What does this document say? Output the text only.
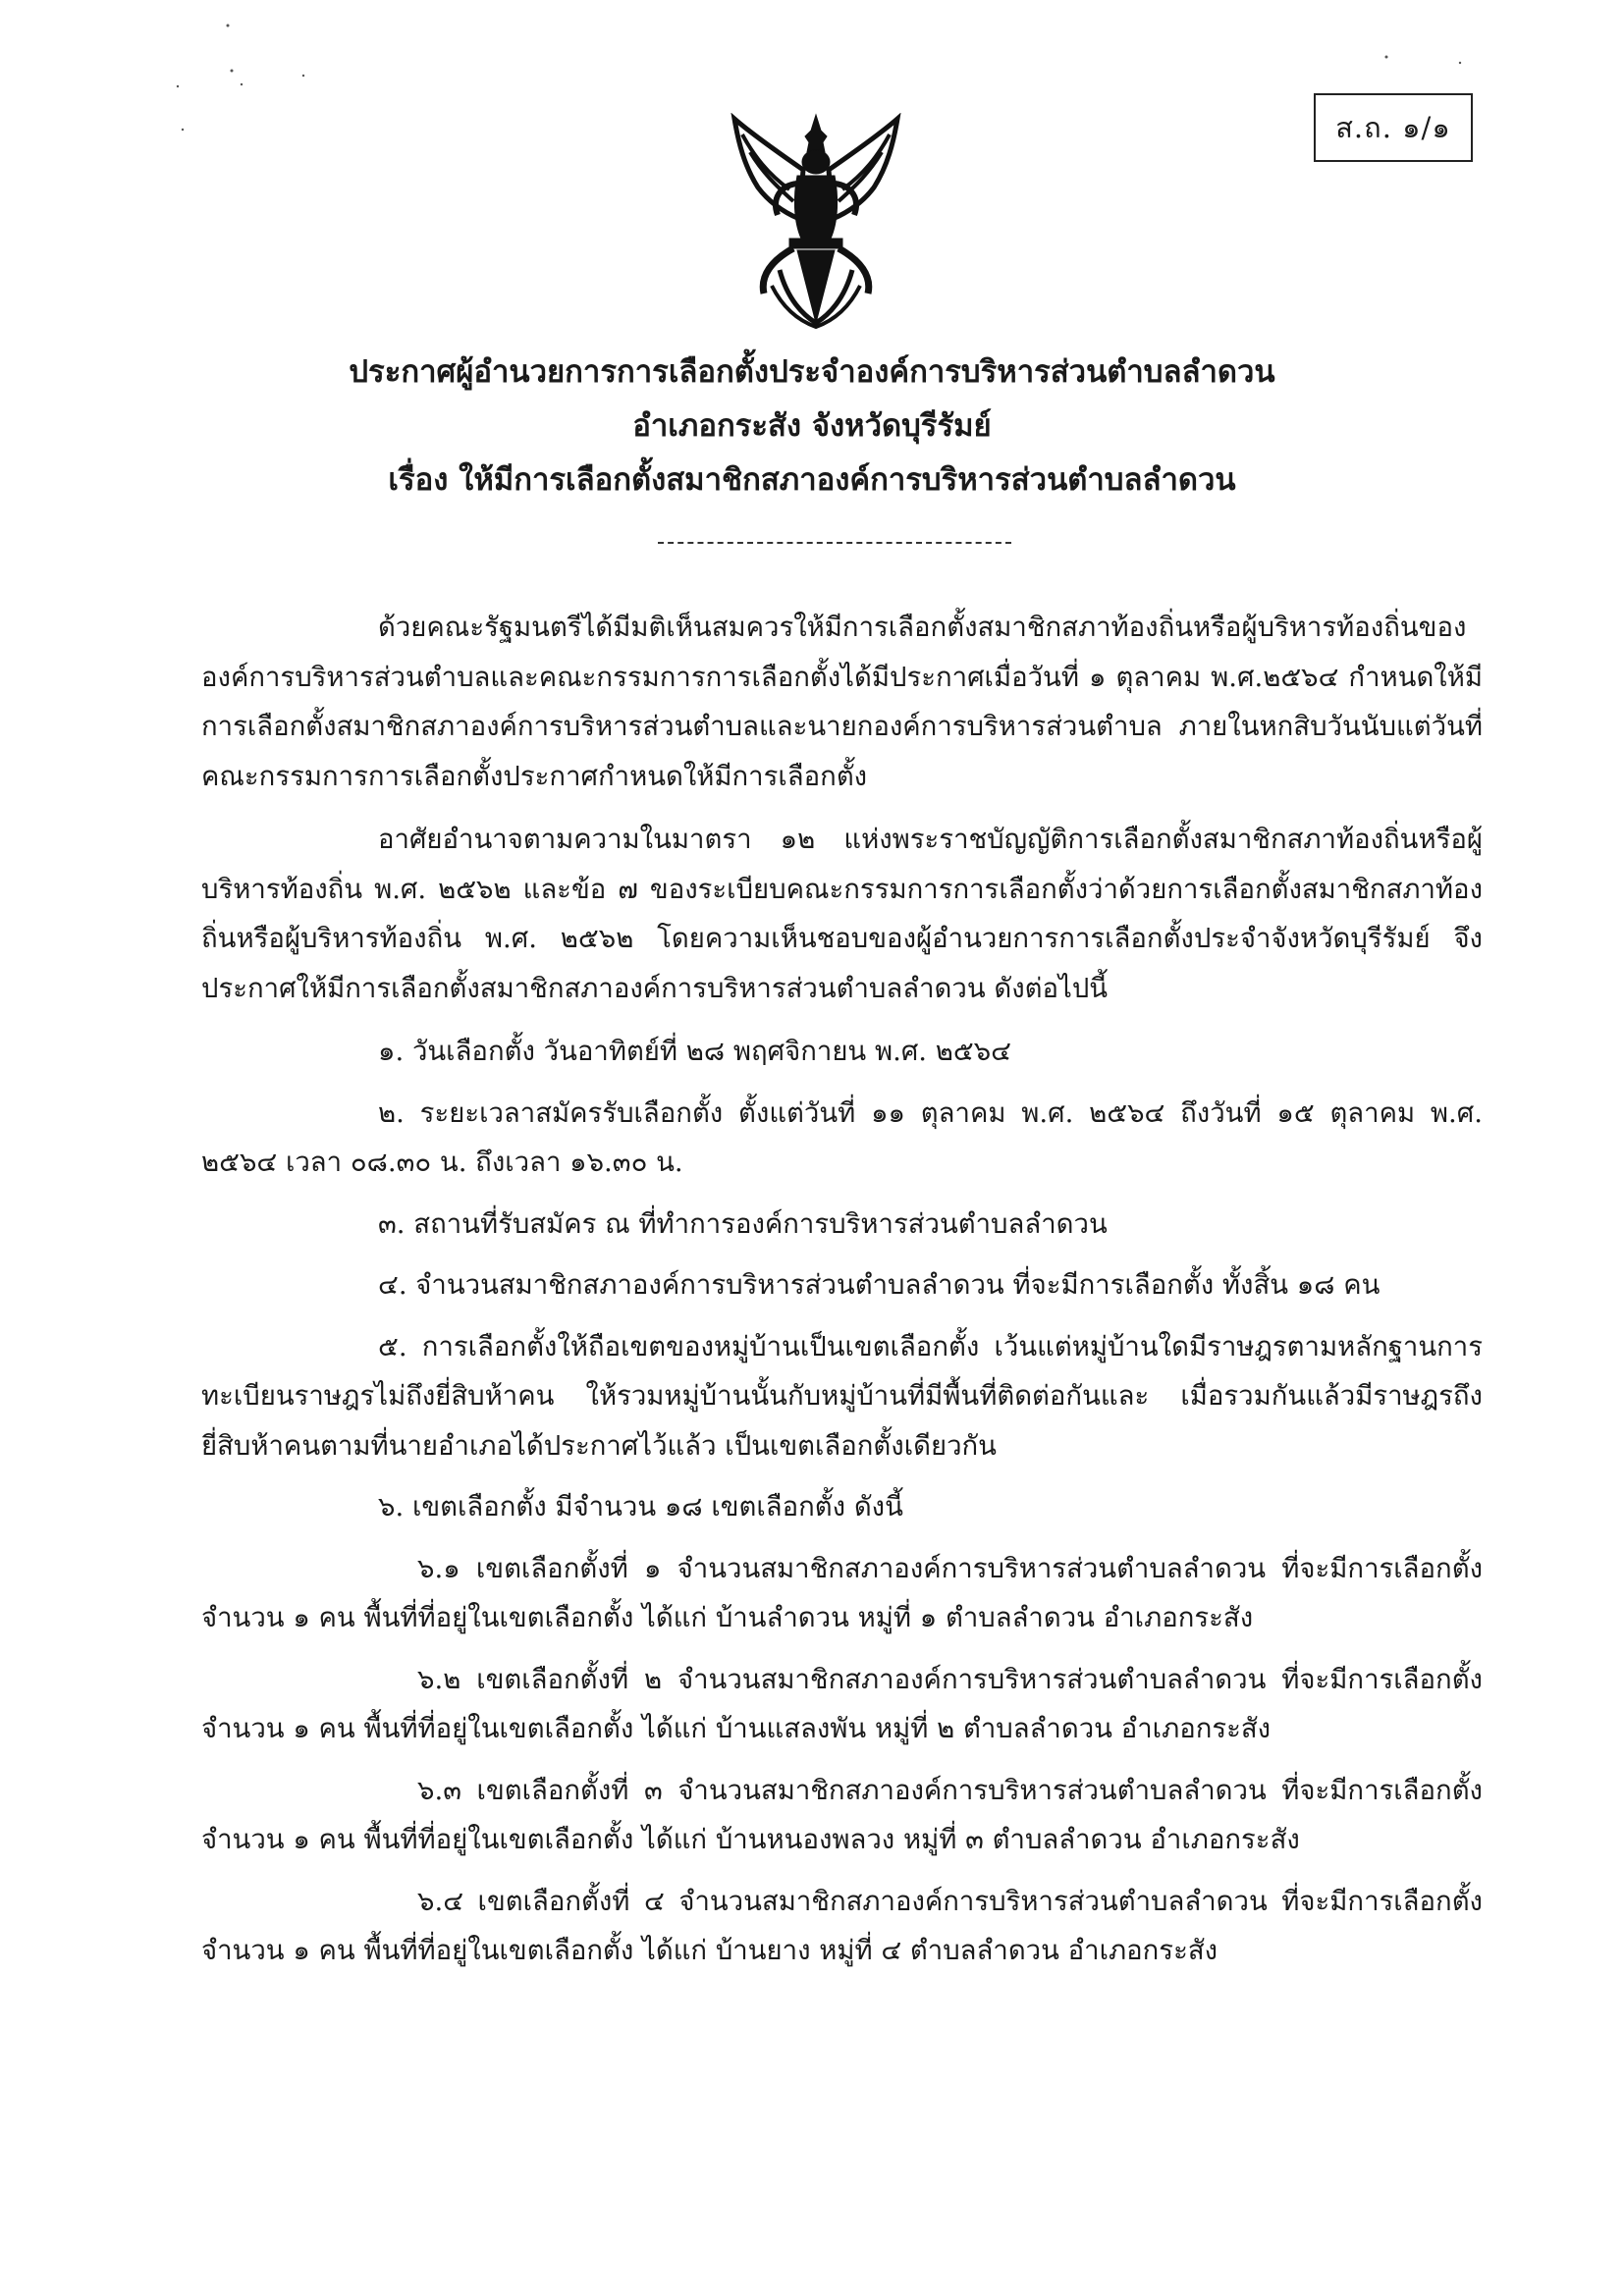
ส.ถ. ๑/๑
ประกาศผู้อำนวยการการเลือกตั้งประจำองค์การบริหารส่วนตำบลลำดวน
อำเภอกระสัง จังหวัดบุรีรัมย์
เรื่อง ให้มีการเลือกตั้งสมาชิกสภาองค์การบริหารส่วนตำบลลำดวน

ด้วยคณะรัฐมนตรีได้มีมติเห็นสมควรให้มีการเลือกตั้งสมาชิกสภาท้องถิ่นหรือผู้บริหารท้องถิ่นขององค์การบริหารส่วนตำบลและคณะกรรมการการเลือกตั้งได้มีประกาศเมื่อวันที่ ๑ ตุลาคม พ.ศ.๒๕๖๔ กำหนดให้มีการเลือกตั้งสมาชิกสภาองค์การบริหารส่วนตำบลและนายกองค์การบริหารส่วนตำบล ภายในหกสิบวันนับแต่วันที่คณะกรรมการการเลือกตั้งประกาศกำหนดให้มีการเลือกตั้ง

อาศัยอำนาจตามความในมาตรา ๑๒ แห่งพระราชบัญญัติการเลือกตั้งสมาชิกสภาท้องถิ่นหรือผู้บริหารท้องถิ่น พ.ศ. ๒๕๖๒ และข้อ ๗ ของระเบียบคณะกรรมการการเลือกตั้งว่าด้วยการเลือกตั้งสมาชิกสภาท้องถิ่นหรือผู้บริหารท้องถิ่น พ.ศ. ๒๕๖๒ โดยความเห็นชอบของผู้อำนวยการการเลือกตั้งประจำจังหวัดบุรีรัมย์ จึงประกาศให้มีการเลือกตั้งสมาชิกสภาองค์การบริหารส่วนตำบลลำดวน ดังต่อไปนี้

๑. วันเลือกตั้ง วันอาทิตย์ที่ ๒๘ พฤศจิกายน พ.ศ. ๒๕๖๔

๒. ระยะเวลาสมัครรับเลือกตั้ง ตั้งแต่วันที่ ๑๑ ตุลาคม พ.ศ. ๒๕๖๔ ถึงวันที่ ๑๕ ตุลาคม พ.ศ. ๒๕๖๔ เวลา ๐๘.๓๐ น. ถึงเวลา ๑๖.๓๐ น.

๓. สถานที่รับสมัคร ณ ที่ทำการองค์การบริหารส่วนตำบลลำดวน

๔. จำนวนสมาชิกสภาองค์การบริหารส่วนตำบลลำดวน ที่จะมีการเลือกตั้ง ทั้งสิ้น ๑๘ คน

๕. การเลือกตั้งให้ถือเขตของหมู่บ้านเป็นเขตเลือกตั้ง เว้นแต่หมู่บ้านใดมีราษฎรตามหลักฐานการทะเบียนราษฎรไม่ถึงยี่สิบห้าคน ให้รวมหมู่บ้านนั้นกับหมู่บ้านที่มีพื้นที่ติดต่อกันและ เมื่อรวมกันแล้วมีราษฎรถึงยี่สิบห้าคนตามที่นายอำเภอได้ประกาศไว้แล้ว เป็นเขตเลือกตั้งเดียวกัน

๖. เขตเลือกตั้ง มีจำนวน ๑๘ เขตเลือกตั้ง ดังนี้

๖.๑ เขตเลือกตั้งที่ ๑ จำนวนสมาชิกสภาองค์การบริหารส่วนตำบลลำดวน ที่จะมีการเลือกตั้ง จำนวน ๑ คน พื้นที่ที่อยู่ในเขตเลือกตั้ง ได้แก่ บ้านลำดวน หมู่ที่ ๑ ตำบลลำดวน อำเภอกระสัง

๖.๒ เขตเลือกตั้งที่ ๒ จำนวนสมาชิกสภาองค์การบริหารส่วนตำบลลำดวน ที่จะมีการเลือกตั้ง จำนวน ๑ คน พื้นที่ที่อยู่ในเขตเลือกตั้ง ได้แก่ บ้านแสลงพัน หมู่ที่ ๒ ตำบลลำดวน อำเภอกระสัง

๖.๓ เขตเลือกตั้งที่ ๓ จำนวนสมาชิกสภาองค์การบริหารส่วนตำบลลำดวน ที่จะมีการเลือกตั้ง จำนวน ๑ คน พื้นที่ที่อยู่ในเขตเลือกตั้ง ได้แก่ บ้านหนองพลวง หมู่ที่ ๓ ตำบลลำดวน อำเภอกระสัง

๖.๔ เขตเลือกตั้งที่ ๔ จำนวนสมาชิกสภาองค์การบริหารส่วนตำบลลำดวน ที่จะมีการเลือกตั้ง จำนวน ๑ คน พื้นที่ที่อยู่ในเขตเลือกตั้ง ได้แก่ บ้านยาง หมู่ที่ ๔ ตำบลลำดวน อำเภอกระสัง
